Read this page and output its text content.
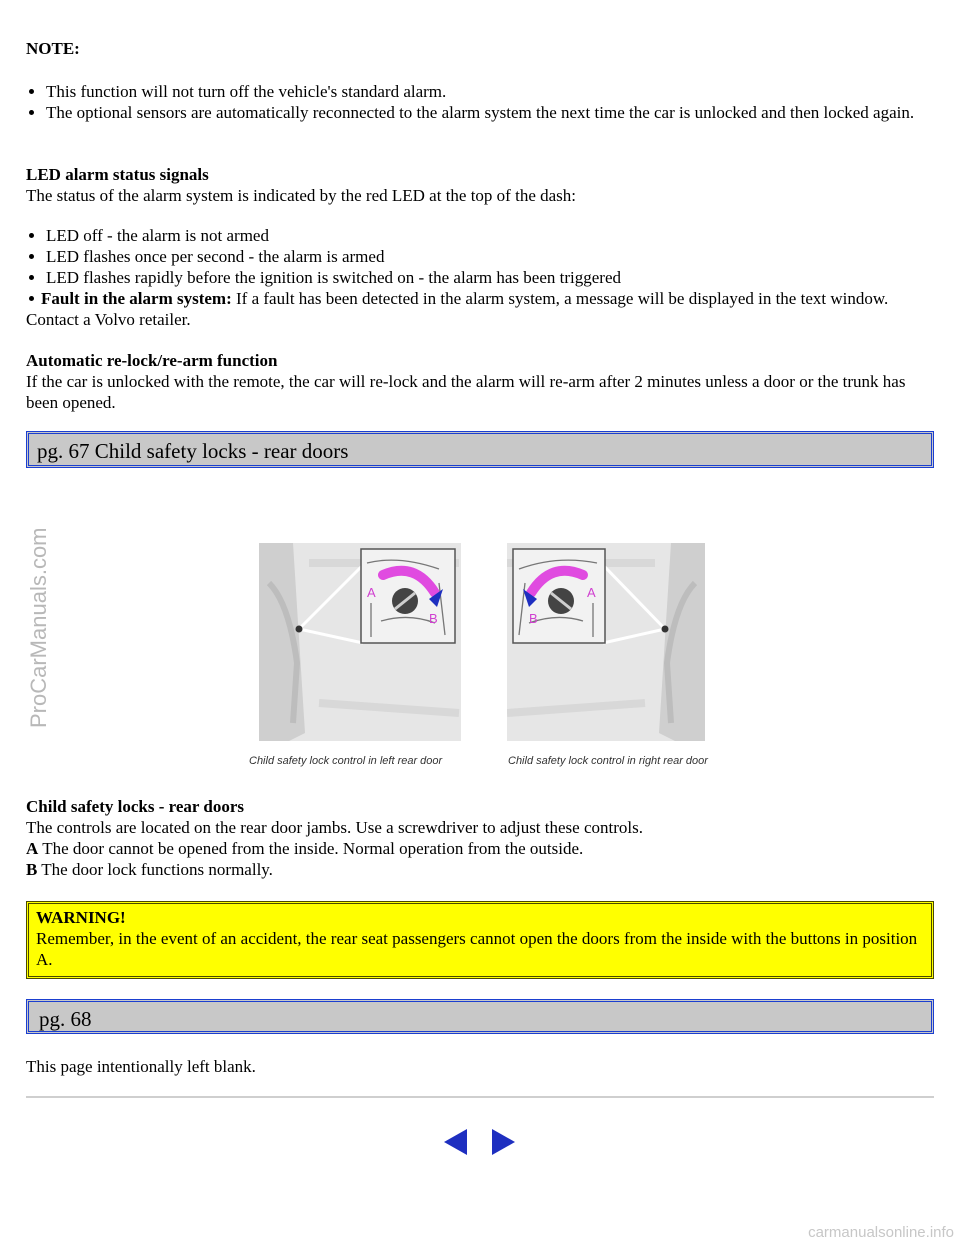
ProCarManuals.com

NOTE:

This function will not turn off the vehicle's standard alarm.
The optional sensors are automatically reconnected to the alarm system the next time the car is unlocked and then locked again.

LED alarm status signals

The status of the alarm system is indicated by the red LED at the top of the dash:

LED off - the alarm is not armed
LED flashes once per second - the alarm is armed
LED flashes rapidly before the ignition is switched on - the alarm has been triggered
Fault in the alarm system: If a fault has been detected in the alarm system, a message will be displayed in the text window. Contact a Volvo retailer.

Automatic re-lock/re-arm function

If the car is unlocked with the remote, the car will re-lock and the alarm will re-arm after 2 minutes unless a door or the trunk has been opened.

Child safety locks - rear doors

The controls are located on the rear door jambs. Use a screwdriver to adjust these controls.

A The door cannot be opened from the inside. Normal operation from the outside.

B The door lock functions normally.

This page intentionally left blank.

pg. 67 Child safety locks - rear doors
A
B
A
B
Child safety lock control in left rear door	Child safety lock control in right rear door
WARNING!
Remember, in the event of an accident, the rear seat passengers cannot open the doors from the inside with the buttons in position A.
pg. 68
carmanualsonline.info
